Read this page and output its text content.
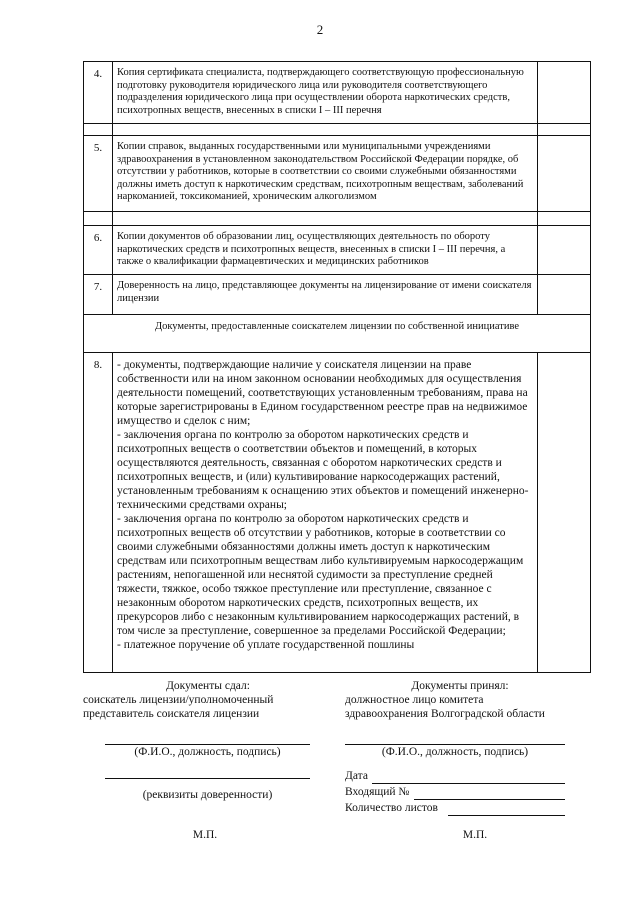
2
4.	Копия сертификата специалиста, подтверждающего соответствующую профессиональную подготовку руководителя юридического лица или руководителя соответствующего подразделения юридического лица при осуществлении оборота наркотических средств, психотропных веществ, внесенных в списки I – III перечня	

5.	Копии справок, выданных государственными или муниципальными учреждениями здравоохранения в установленном законодательством Российской Федерации порядке, об отсутствии у работников, которые в соответствии со своими служебными обязанностями должны иметь доступ к наркотическим средствам, психотропным веществам, заболеваний наркоманией, токсикоманией, хроническим алкоголизмом	

6.	Копии документов об образовании лиц, осуществляющих деятельность по обороту наркотических средств и психотропных веществ, внесенных в списки I – III перечня, а также о квалификации фармацевтических и медицинских работников	
7.	Доверенность на лицо, представляющее документы на лицензирование от имени соискателя лицензии	
Документы, предоставленные соискателем лицензии по собственной инициативе		
8.	- документы, подтверждающие наличие у соискателя лицензии на праве собственности или на ином законном основании необходимых для осуществления деятельности помещений, соответствующих установленным требованиям, права на которые зарегистрированы в Едином государственном реестре прав на недвижимое имущество и сделок с ним;
- заключения органа по контролю за оборотом наркотических средств и психотропных веществ о соответствии объектов и помещений, в которых осуществляются деятельность, связанная с оборотом наркотических средств и психотропных веществ, и (или) культивирование наркосодержащих растений, установленным требованиям к оснащению этих объектов и помещений инженерно-техническими средствами охраны;
- заключения органа по контролю за оборотом наркотических средств и психотропных веществ об отсутствии у работников, которые в соответствии со своими служебными обязанностями должны иметь доступ к наркотическим средствам или психотропным веществам либо культивируемым наркосодержащим растениям, непогашенной или неснятой судимости за преступление средней тяжести, тяжкое, особо тяжкое преступление или преступление, связанное с незаконным оборотом наркотических средств, психотропных веществ, их прекурсоров либо с незаконным культивированием наркосодержащих растений, в том числе за преступление, совершенное за пределами Российской Федерации;
- платежное поручение об уплате государственной пошлины	

Документы сдал:
соискатель лицензии/уполномоченный
представитель соискателя лицензии
(Ф.И.О., должность, подпись)
(реквизиты доверенности)
М.П.
Документы принял:
должностное лицо комитета
здравоохранения Волгоградской области
(Ф.И.О., должность, подпись)
Дата
Входящий №
Количество листов
М.П.
